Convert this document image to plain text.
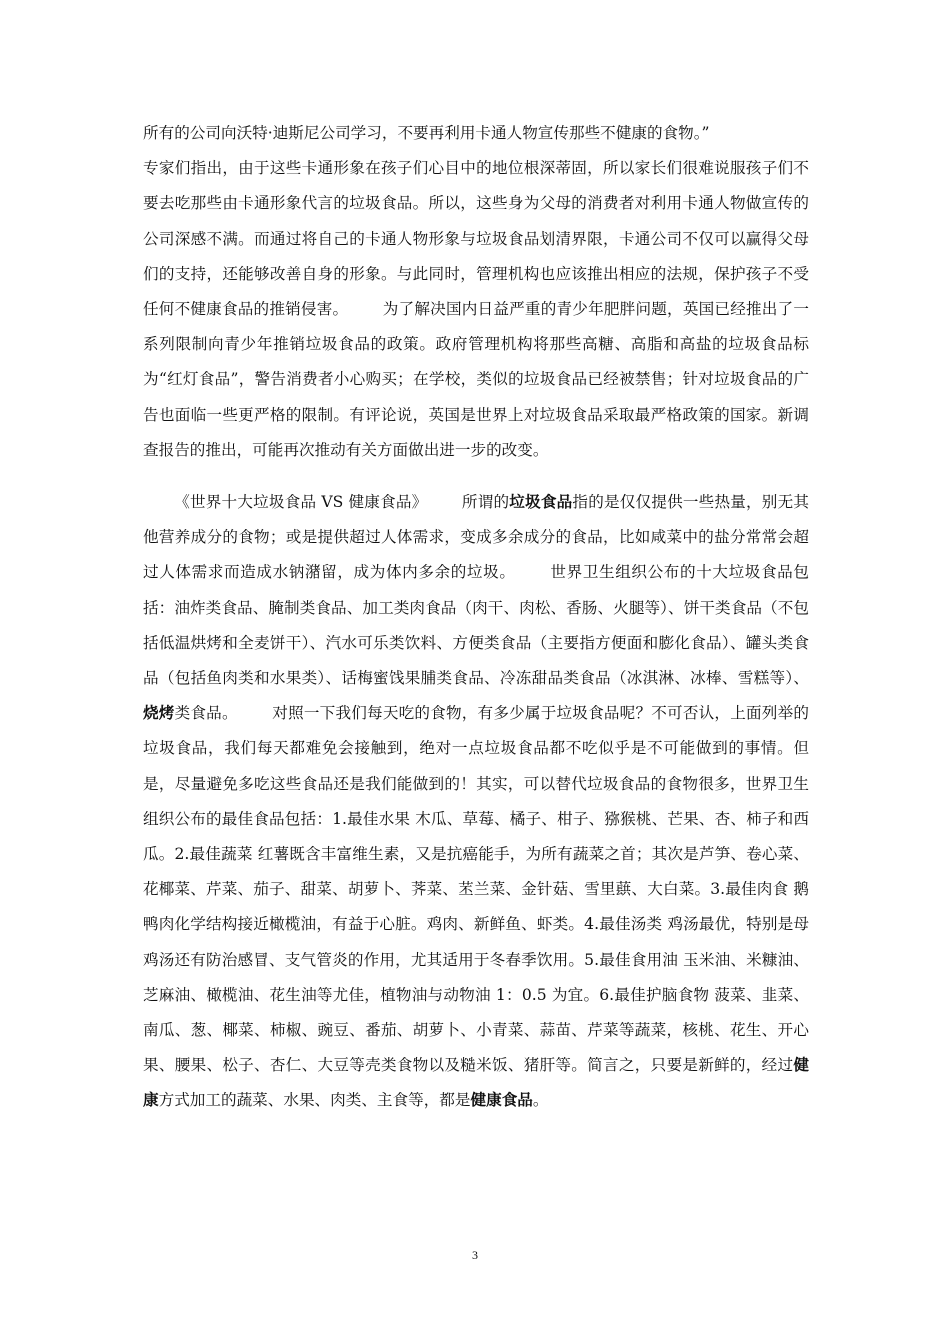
所有的公司向沃特·迪斯尼公司学习，不要再利用卡通人物宣传那些不健康的食物。”
专家们指出，由于这些卡通形象在孩子们心目中的地位根深蒂固，所以家长们很难说服孩子们不要去吃那些由卡通形象代言的垃圾食品。所以，这些身为父母的消费者对利用卡通人物做宣传的公司深感不满。而通过将自己的卡通人物形象与垃圾食品划清界限，卡通公司不仅可以赢得父母们的支持，还能够改善自身的形象。与此同时，管理机构也应该推出相应的法规，保护孩子不受任何不健康食品的推销侵害。 为了解决国内日益严重的青少年肥胖问题，英国已经推出了一系列限制向青少年推销垃圾食品的政策。政府管理机构将那些高糖、高脂和高盐的垃圾食品标为“红灯食品”，警告消费者小心购买；在学校，类似的垃圾食品已经被禁售；针对垃圾食品的广告也面临一些更严格的限制。有评论说，英国是世界上对垃圾食品采取最严格政策的国家。新调查报告的推出，可能再次推动有关方面做出进一步的改变。

《世界十大垃圾食品 VS 健康食品》 所谓的垃圾食品指的是仅仅提供一些热量，别无其他营养成分的食物；或是提供超过人体需求，变成多余成分的食品，比如咸菜中的盐分常常会超过人体需求而造成水钠潴留，成为体内多余的垃圾。 世界卫生组织公布的十大垃圾食品包括：油炸类食品、腌制类食品、加工类肉食品（肉干、肉松、香肠、火腿等）、饼干类食品（不包括低温烘烤和全麦饼干）、汽水可乐类饮料、方便类食品（主要指方便面和膨化食品）、罐头类食品（包括鱼肉类和水果类）、话梅蜜饯果脯类食品、冷冻甜品类食品（冰淇淋、冰棒、雪糕等）、烧烤类食品。 对照一下我们每天吃的食物，有多少属于垃圾食品呢？不可否认，上面列举的垃圾食品，我们每天都难免会接触到，绝对一点垃圾食品都不吃似乎是不可能做到的事情。但是，尽量避免多吃这些食品还是我们能做到的！其实，可以替代垃圾食品的食物很多，世界卫生组织公布的最佳食品包括：1.最佳水果 木瓜、草莓、橘子、柑子、猕猴桃、芒果、杏、柿子和西瓜。2.最佳蔬菜 红薯既含丰富维生素，又是抗癌能手，为所有蔬菜之首；其次是芦笋、卷心菜、花椰菜、芹菜、茄子、甜菜、胡萝卜、荠菜、苤兰菜、金针菇、雪里蕻、大白菜。3.最佳肉食 鹅鸭肉化学结构接近橄榄油，有益于心脏。鸡肉、新鲜鱼、虾类。4.最佳汤类 鸡汤最优，特别是母鸡汤还有防治感冒、支气管炎的作用，尤其适用于冬春季饮用。5.最佳食用油 玉米油、米糠油、芝麻油、橄榄油、花生油等尤佳，植物油与动物油 1：0.5 为宜。6.最佳护脑食物 菠菜、韭菜、南瓜、葱、椰菜、柿椒、豌豆、番茄、胡萝卜、小青菜、蒜苗、芹菜等蔬菜，核桃、花生、开心果、腰果、松子、杏仁、大豆等壳类食物以及糙米饭、猪肝等。简言之，只要是新鲜的，经过健康方式加工的蔬菜、水果、肉类、主食等，都是健康食品。

3
